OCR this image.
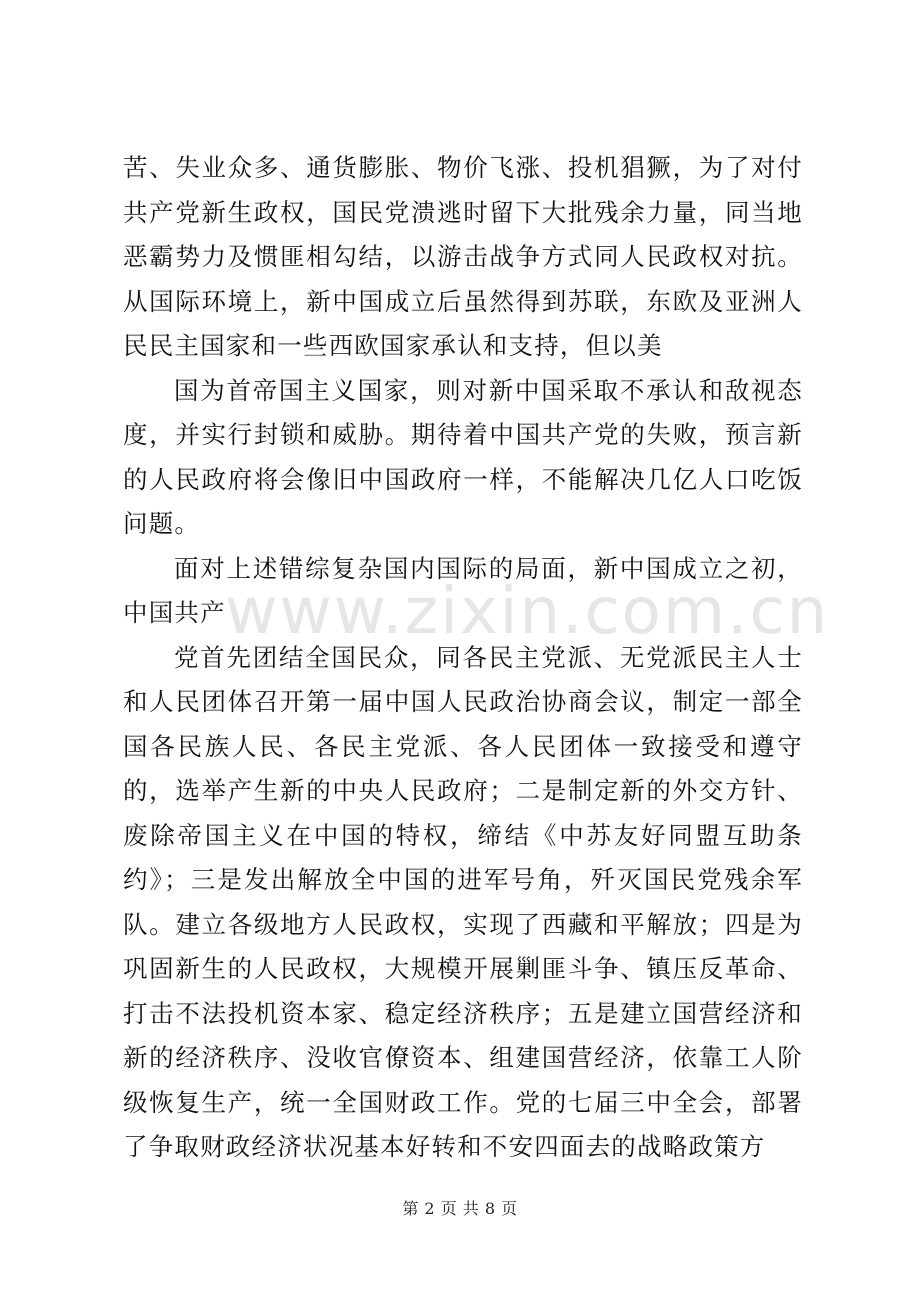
www.zixin.com.cn

苦、失业众多、通货膨胀、物价飞涨、投机猖獗，为了对付共产党新生政权，国民党溃逃时留下大批残余力量，同当地恶霸势力及惯匪相勾结，以游击战争方式同人民政权对抗。从国际环境上，新中国成立后虽然得到苏联，东欧及亚洲人民民主国家和一些西欧国家承认和支持，但以美

国为首帝国主义国家，则对新中国采取不承认和敌视态度，并实行封锁和威胁。期待着中国共产党的失败，预言新的人民政府将会像旧中国政府一样，不能解决几亿人口吃饭问题。

面对上述错综复杂国内国际的局面，新中国成立之初，中国共产

党首先团结全国民众，同各民主党派、无党派民主人士和人民团体召开第一届中国人民政治协商会议，制定一部全国各民族人民、各民主党派、各人民团体一致接受和遵守的，选举产生新的中央人民政府；二是制定新的外交方针、废除帝国主义在中国的特权，缔结《中苏友好同盟互助条约》；三是发出解放全中国的进军号角，歼灭国民党残余军队。建立各级地方人民政权，实现了西藏和平解放；四是为巩固新生的人民政权，大规模开展剿匪斗争、镇压反革命、打击不法投机资本家、稳定经济秩序；五是建立国营经济和新的经济秩序、没收官僚资本、组建国营经济，依靠工人阶级恢复生产，统一全国财政工作。党的七届三中全会，部署了争取财政经济状况基本好转和不安四面去的战略政策方

第 2 页 共 8 页
